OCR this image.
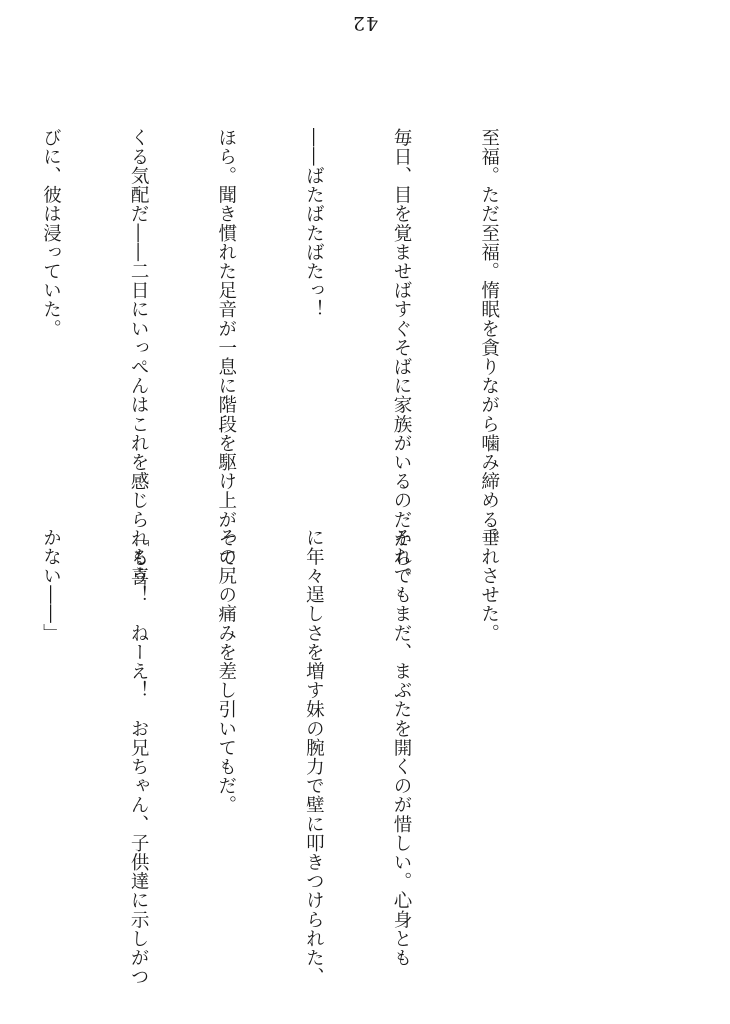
42

至福。ただ至福。惰眠を貪りながら噛み締める。

毎日、目を覚ませばすぐそばに家族がいるのだから。

――ばたばたばたっ！

ほら。聞き慣れた足音が一息に階段を駆け上がって

くる気配だ――二日にいっぺんはこれを感じられる喜

びに、彼は浸っていた。

垂れさせた。

それでもまだ、まぶたを開くのが惜しい。心身とも

に年々逞しさを増す妹の腕力で壁に叩きつけられた、

その尻の痛みを差し引いてもだ。

「もう！　ねーえ！　お兄ちゃん、子供達に示しがつ

かない――」
